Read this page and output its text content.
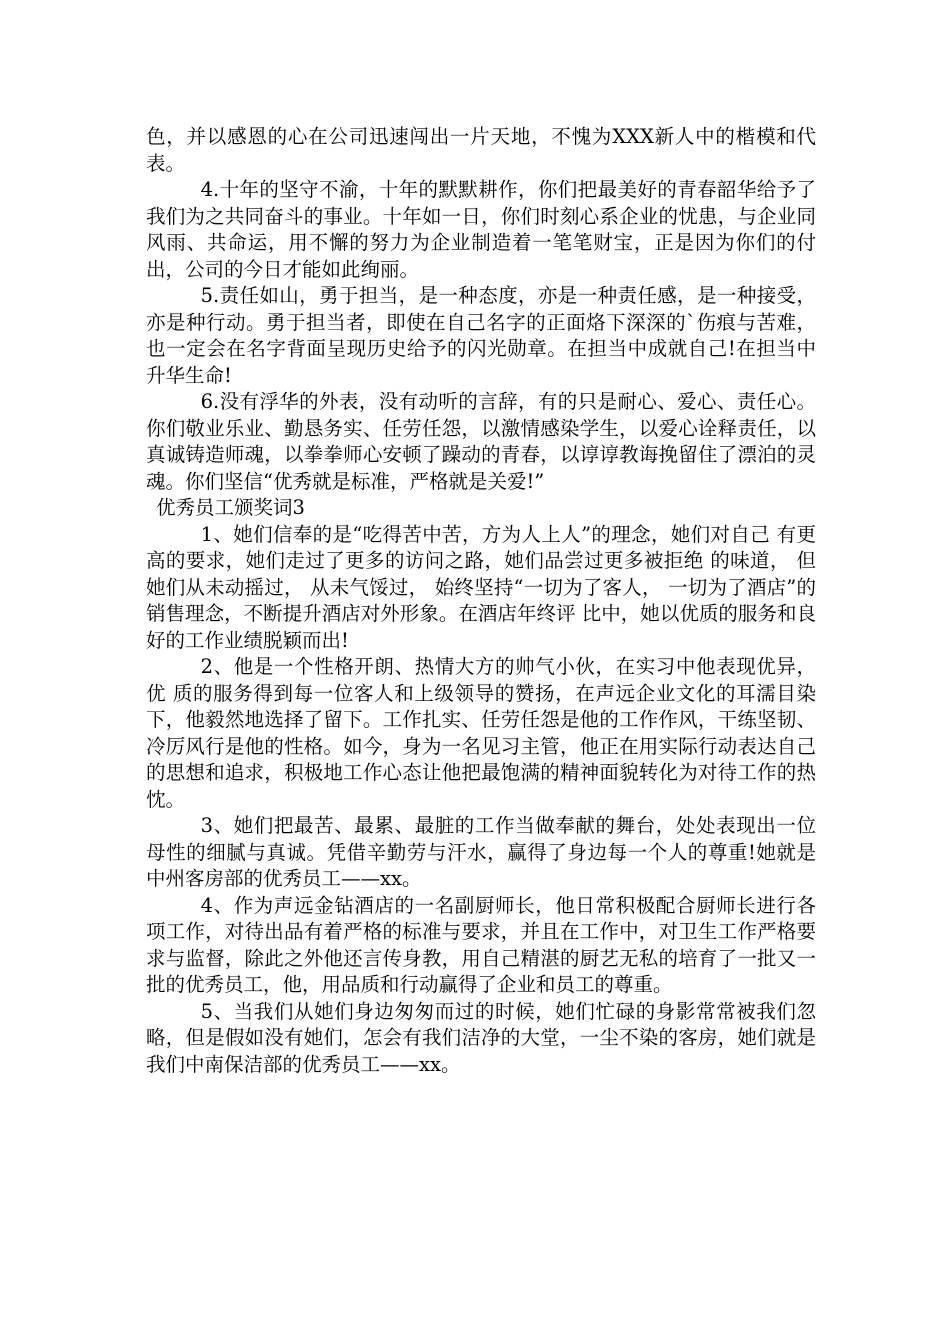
色，并以感恩的心在公司迅速闯出一片天地，不愧为XXX新人中的楷模和代表。

4.十年的坚守不渝，十年的默默耕作，你们把最美好的青春韶华给予了我们为之共同奋斗的事业。十年如一日，你们时刻心系企业的忧患，与企业同风雨、共命运，用不懈的努力为企业制造着一笔笔财宝，正是因为你们的付出，公司的今日才能如此绚丽。

5.责任如山，勇于担当，是一种态度，亦是一种责任感，是一种接受，亦是种行动。勇于担当者，即使在自己名字的正面烙下深深的`伤痕与苦难，也一定会在名字背面呈现历史给予的闪光勋章。在担当中成就自己!在担当中升华生命!

6.没有浮华的外表，没有动听的言辞，有的只是耐心、爱心、责任心。你们敬业乐业、勤恳务实、任劳任怨，以激情感染学生，以爱心诠释责任，以真诚铸造师魂，以拳拳师心安顿了躁动的青春，以谆谆教诲挽留住了漂泊的灵魂。你们坚信“优秀就是标准，严格就是关爱!”

优秀员工颁奖词3

1、她们信奉的是“吃得苦中苦，方为人上人”的理念，她们对自己 有更高的要求，她们走过了更多的访问之路，她们品尝过更多被拒绝 的味道， 但她们从未动摇过， 从未气馁过， 始终坚持“一切为了客人， 一切为了酒店”的销售理念，不断提升酒店对外形象。在酒店年终评 比中，她以优质的服务和良好的工作业绩脱颖而出!

2、他是一个性格开朗、热情大方的帅气小伙，在实习中他表现优异，优 质的服务得到每一位客人和上级领导的赞扬，在声远企业文化的耳濡目染下，他毅然地选择了留下。工作扎实、任劳任怨是他的工作作风，干练坚韧、冷厉风行是他的性格。如今，身为一名见习主管，他正在用实际行动表达自己的思想和追求，积极地工作心态让他把最饱满的精神面貌转化为对待工作的热忱。

3、她们把最苦、最累、最脏的工作当做奉献的舞台，处处表现出一位母性的细腻与真诚。凭借辛勤劳与汗水，赢得了身边每一个人的尊重!她就是中州客房部的优秀员工——xx。

4、作为声远金钻酒店的一名副厨师长，他日常积极配合厨师长进行各项工作，对待出品有着严格的标准与要求，并且在工作中，对卫生工作严格要求与监督，除此之外他还言传身教，用自己精湛的厨艺无私的培育了一批又一批的优秀员工，他，用品质和行动赢得了企业和员工的尊重。

5、当我们从她们身边匆匆而过的时候，她们忙碌的身影常常被我们忽略，但是假如没有她们，怎会有我们洁净的大堂，一尘不染的客房，她们就是我们中南保洁部的优秀员工——xx。
